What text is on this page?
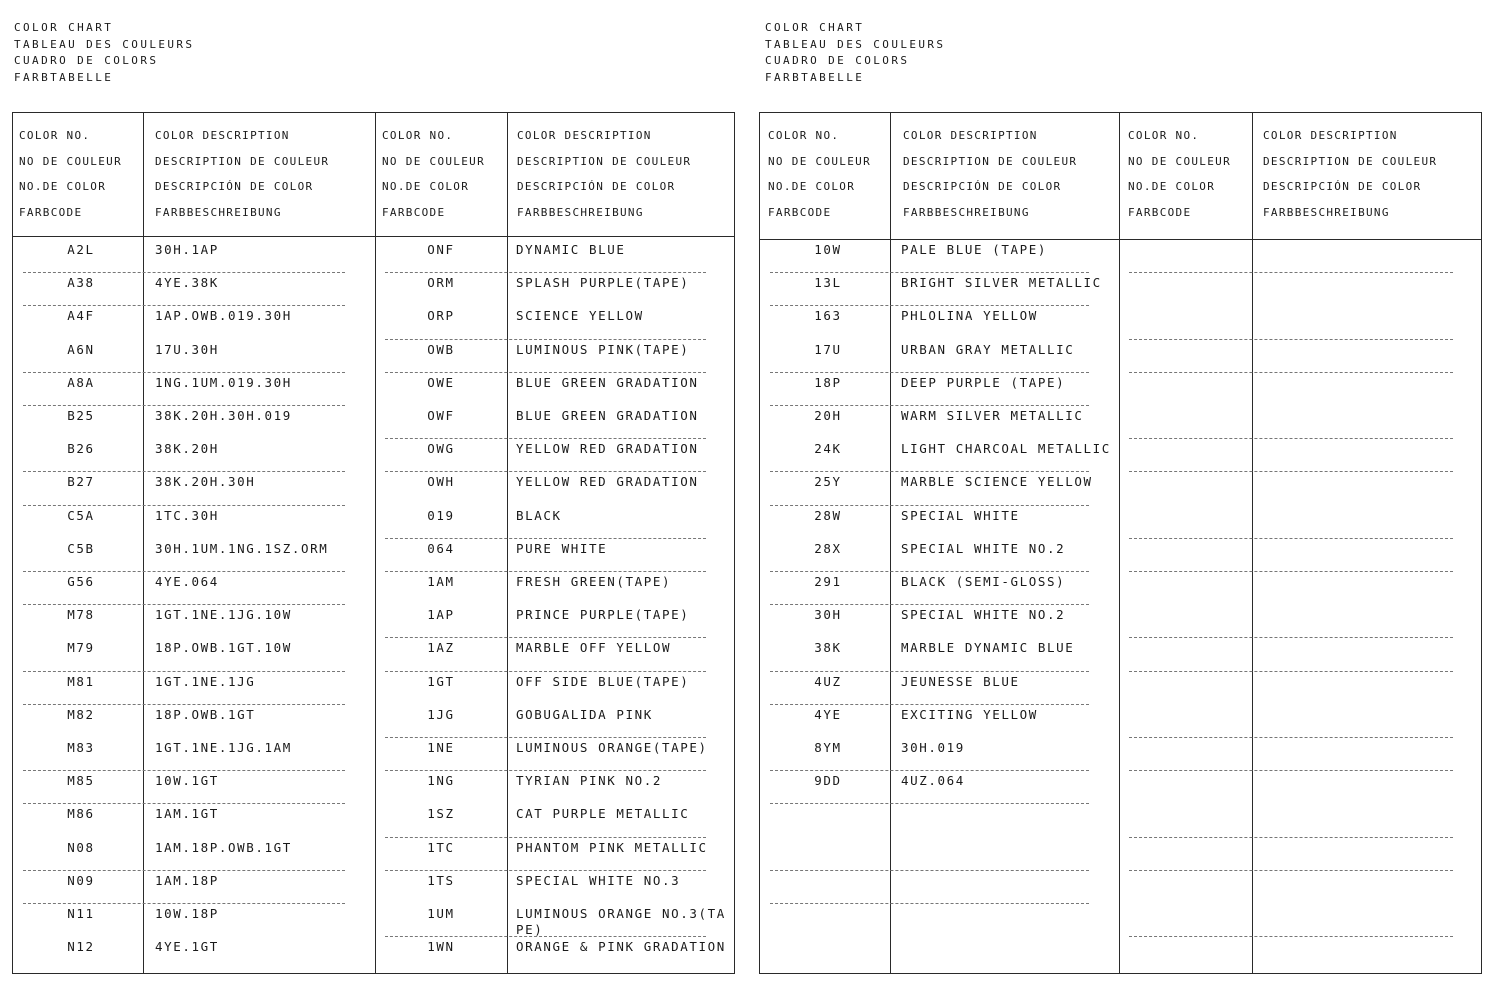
COLOR CHART
TABLEAU DES COULEURS
CUADRO DE COLORS
FARBTABELLE
COLOR CHART
TABLEAU DES COULEURS
CUADRO DE COLORS
FARBTABELLE
COLOR NO.
NO DE COULEUR
NO.DE COLOR
FARBCODE
COLOR DESCRIPTION
DESCRIPTION DE COULEUR
DESCRIPCIÓN DE COLOR
FARBBESCHREIBUNG
COLOR NO.
NO DE COULEUR
NO.DE COLOR
FARBCODE
COLOR DESCRIPTION
DESCRIPTION DE COULEUR
DESCRIPCIÓN DE COLOR
FARBBESCHREIBUNG
A2L	30H.1AP
A38	4YE.38K
A4F	1AP.OWB.019.30H
A6N	17U.30H
A8A	1NG.1UM.019.30H
B25	38K.20H.30H.019
B26	38K.20H
B27	38K.20H.30H
C5A	1TC.30H
C5B	30H.1UM.1NG.1SZ.ORM
G56	4YE.064
M78	1GT.1NE.1JG.10W
M79	18P.OWB.1GT.10W
M81	1GT.1NE.1JG
M82	18P.OWB.1GT
M83	1GT.1NE.1JG.1AM
M85	10W.1GT
M86	1AM.1GT
N08	1AM.18P.OWB.1GT
N09	1AM.18P
N11	10W.18P
N12	4YE.1GT
ONF	DYNAMIC BLUE
ORM	SPLASH PURPLE(TAPE)
ORP	SCIENCE YELLOW
OWB	LUMINOUS PINK(TAPE)
OWE	BLUE GREEN GRADATION
OWF	BLUE GREEN GRADATION
OWG	YELLOW RED GRADATION
OWH	YELLOW RED GRADATION
019	BLACK
064	PURE WHITE
1AM	FRESH GREEN(TAPE)
1AP	PRINCE PURPLE(TAPE)
1AZ	MARBLE OFF YELLOW
1GT	OFF SIDE BLUE(TAPE)
1JG	GOBUGALIDA PINK
1NE	LUMINOUS ORANGE(TAPE)
1NG	TYRIAN PINK NO.2
1SZ	CAT PURPLE METALLIC
1TC	PHANTOM PINK METALLIC
1TS	SPECIAL WHITE NO.3
1UM	LUMINOUS ORANGE NO.3(TAPE)
1WN	ORANGE & PINK GRADATION
COLOR NO.
NO DE COULEUR
NO.DE COLOR
FARBCODE
COLOR DESCRIPTION
DESCRIPTION DE COULEUR
DESCRIPCIÓN DE COLOR
FARBBESCHREIBUNG
COLOR NO.
NO DE COULEUR
NO.DE COLOR
FARBCODE
COLOR DESCRIPTION
DESCRIPTION DE COULEUR
DESCRIPCIÓN DE COLOR
FARBBESCHREIBUNG
10W	PALE BLUE (TAPE)
13L	BRIGHT SILVER METALLIC
163	PHLOLINA YELLOW
17U	URBAN GRAY METALLIC
18P	DEEP PURPLE (TAPE)
20H	WARM SILVER METALLIC
24K	LIGHT CHARCOAL METALLIC
25Y	MARBLE SCIENCE YELLOW
28W	SPECIAL WHITE
28X	SPECIAL WHITE NO.2
291	BLACK (SEMI-GLOSS)
30H	SPECIAL WHITE NO.2
38K	MARBLE DYNAMIC BLUE
4UZ	JEUNESSE BLUE
4YE	EXCITING YELLOW
8YM	30H.019
9DD	4UZ.064
